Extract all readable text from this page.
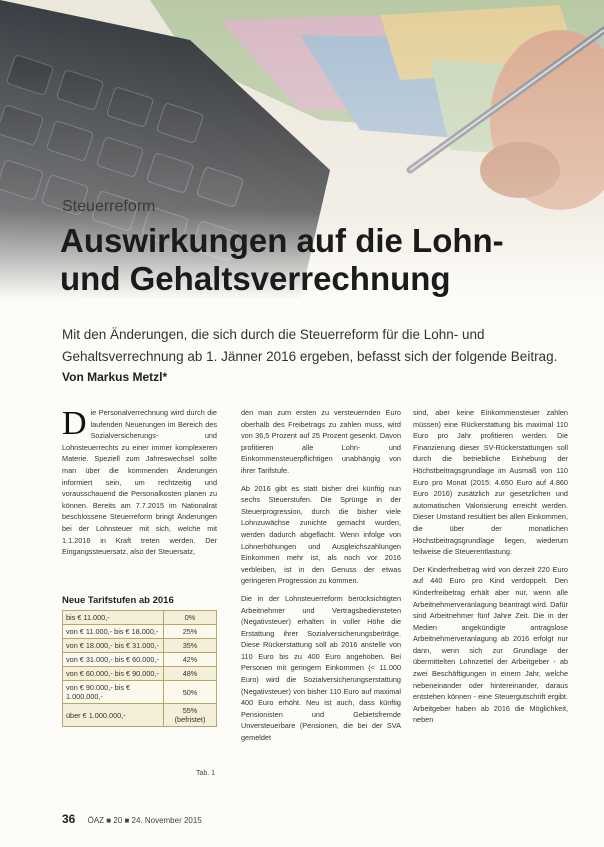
Steuerreform
Auswirkungen auf die Lohn-
und Gehaltsverrechnung

Mit den Änderungen, die sich durch die Steuerreform für die Lohn- und Gehaltsverrechnung ab 1. Jänner 2016 ergeben, befasst sich der folgende Beitrag.

Von Markus Metzl*

Die Personalverrechnung wird durch die laufenden Neuerungen im Bereich des Sozialversicherungs- und Lohnsteuerrechts zu einer immer komplexeren Materie. Speziell zum Jahreswechsel sollte man über die kommenden Änderungen informiert sein, um rechtzeitig und vorausschauend die Personalkosten planen zu können. Bereits am 7.7.2015 im Nationalrat beschlossene Steuerreform bringt Änderungen bei der Lohnsteuer mit sich, welche mit 1.1.2016 in Kraft treten werden. Der Eingangssteuersatz, also der Steuersatz,

Neue Tarifstufen ab 2016
bis € 11.000,-	0%
von € 11.000,- bis € 18.000,-	25%
von € 18.000,- bis € 31.000,-	35%
von € 31.000,- bis € 60.000,-	42%
von € 60.000,- bis € 90.000,-	48%
von € 90.000,- bis € 1.000.000,-	50%
über € 1.000.000,-	55% (befristet)
Tab. 1

den man zum ersten zu versteuernden Euro oberhalb des Freibetrags zu zahlen muss, wird von 36,5 Prozent auf 25 Prozent gesenkt. Davon profitieren alle Lohn- und Einkommensteuerpflichtigen unabhängig von ihrer Tarifstufe.

Ab 2016 gibt es statt bisher drei künftig nun sechs Steuerstufen. Die Sprünge in der Steuerprogression, durch die bisher viele Lohnzuwächse zunichte gemacht wurden, werden dadurch abgeflacht. Wenn infolge von Lohnerhöhungen und Ausgleichszahlungen Einkommen mehr ist, als noch vor 2016 verbleiben, ist in den Genuss der etwas geringeren Progression zu kommen.

Die in der Lohnsteuerreform berücksichtigten Arbeitnehmer und Vertragsbediensteten (Negativsteuer) erhalten in voller Höhe die Erstattung ihrer Sozialversicherungsbeiträge. Diese Rückerstattung soll ab 2016 anstelle von 110 Euro bis zu 400 Euro angehoben. Bei Personen mit geringem Einkommen (< 11.000 Euro) wird die Sozialversicherungserstattung (Negativsteuer) von bisher 110 Euro auf maximal 400 Euro erhöht. Neu ist auch, dass künftig Pensionisten und Gebietsfremde Unversteuerbare (Pensionen, die bei der SVA gemeldet

sind, aber keine Einkommensteuer zahlen müssen) eine Rückerstattung bis maximal 110 Euro pro Jahr profitieren werden. Die Finanzierung dieser SV-Rückerstattungen soll durch die betriebliche Einhebung der Höchstbeitragsgrundlage im Ausmaß von 110 Euro pro Monat (2015: 4.650 Euro auf 4.860 Euro 2016) zusätzlich zur gesetzlichen und automatischen Valorisierung erreicht werden. Dieser Umstand resultiert bei allen Einkommen, die über der monatlichen Höchstbeitragsgrundlage liegen, wiederum teilweise die Steuerentlastung.

Der Kinderfreibetrag wird von derzeit 220 Euro auf 440 Euro pro Kind verdoppelt. Den Kinderfreibetrag erhält aber nur, wenn alle Arbeitnehmerveranlagung beantragt wird. Dafür sind Arbeitnehmer fünf Jahre Zeit. Die in der Medien angekündigte antragslose Arbeitnehmerveranlagung ab 2016 erfolgt nur dann, wenn sich zur Grundlage der übermittelten Lohnzettel der Arbeitgeber - ab zwei Beschäftigungen in einem Jahr, welche nebeneinander oder hintereinander, daraus entstehen können - eine Steuergutschrift ergibt. Arbeitgeber haben ab 2016 die Möglichkeit, neben

36 ÖAZ ■ 20 ■ 24. November 2015
